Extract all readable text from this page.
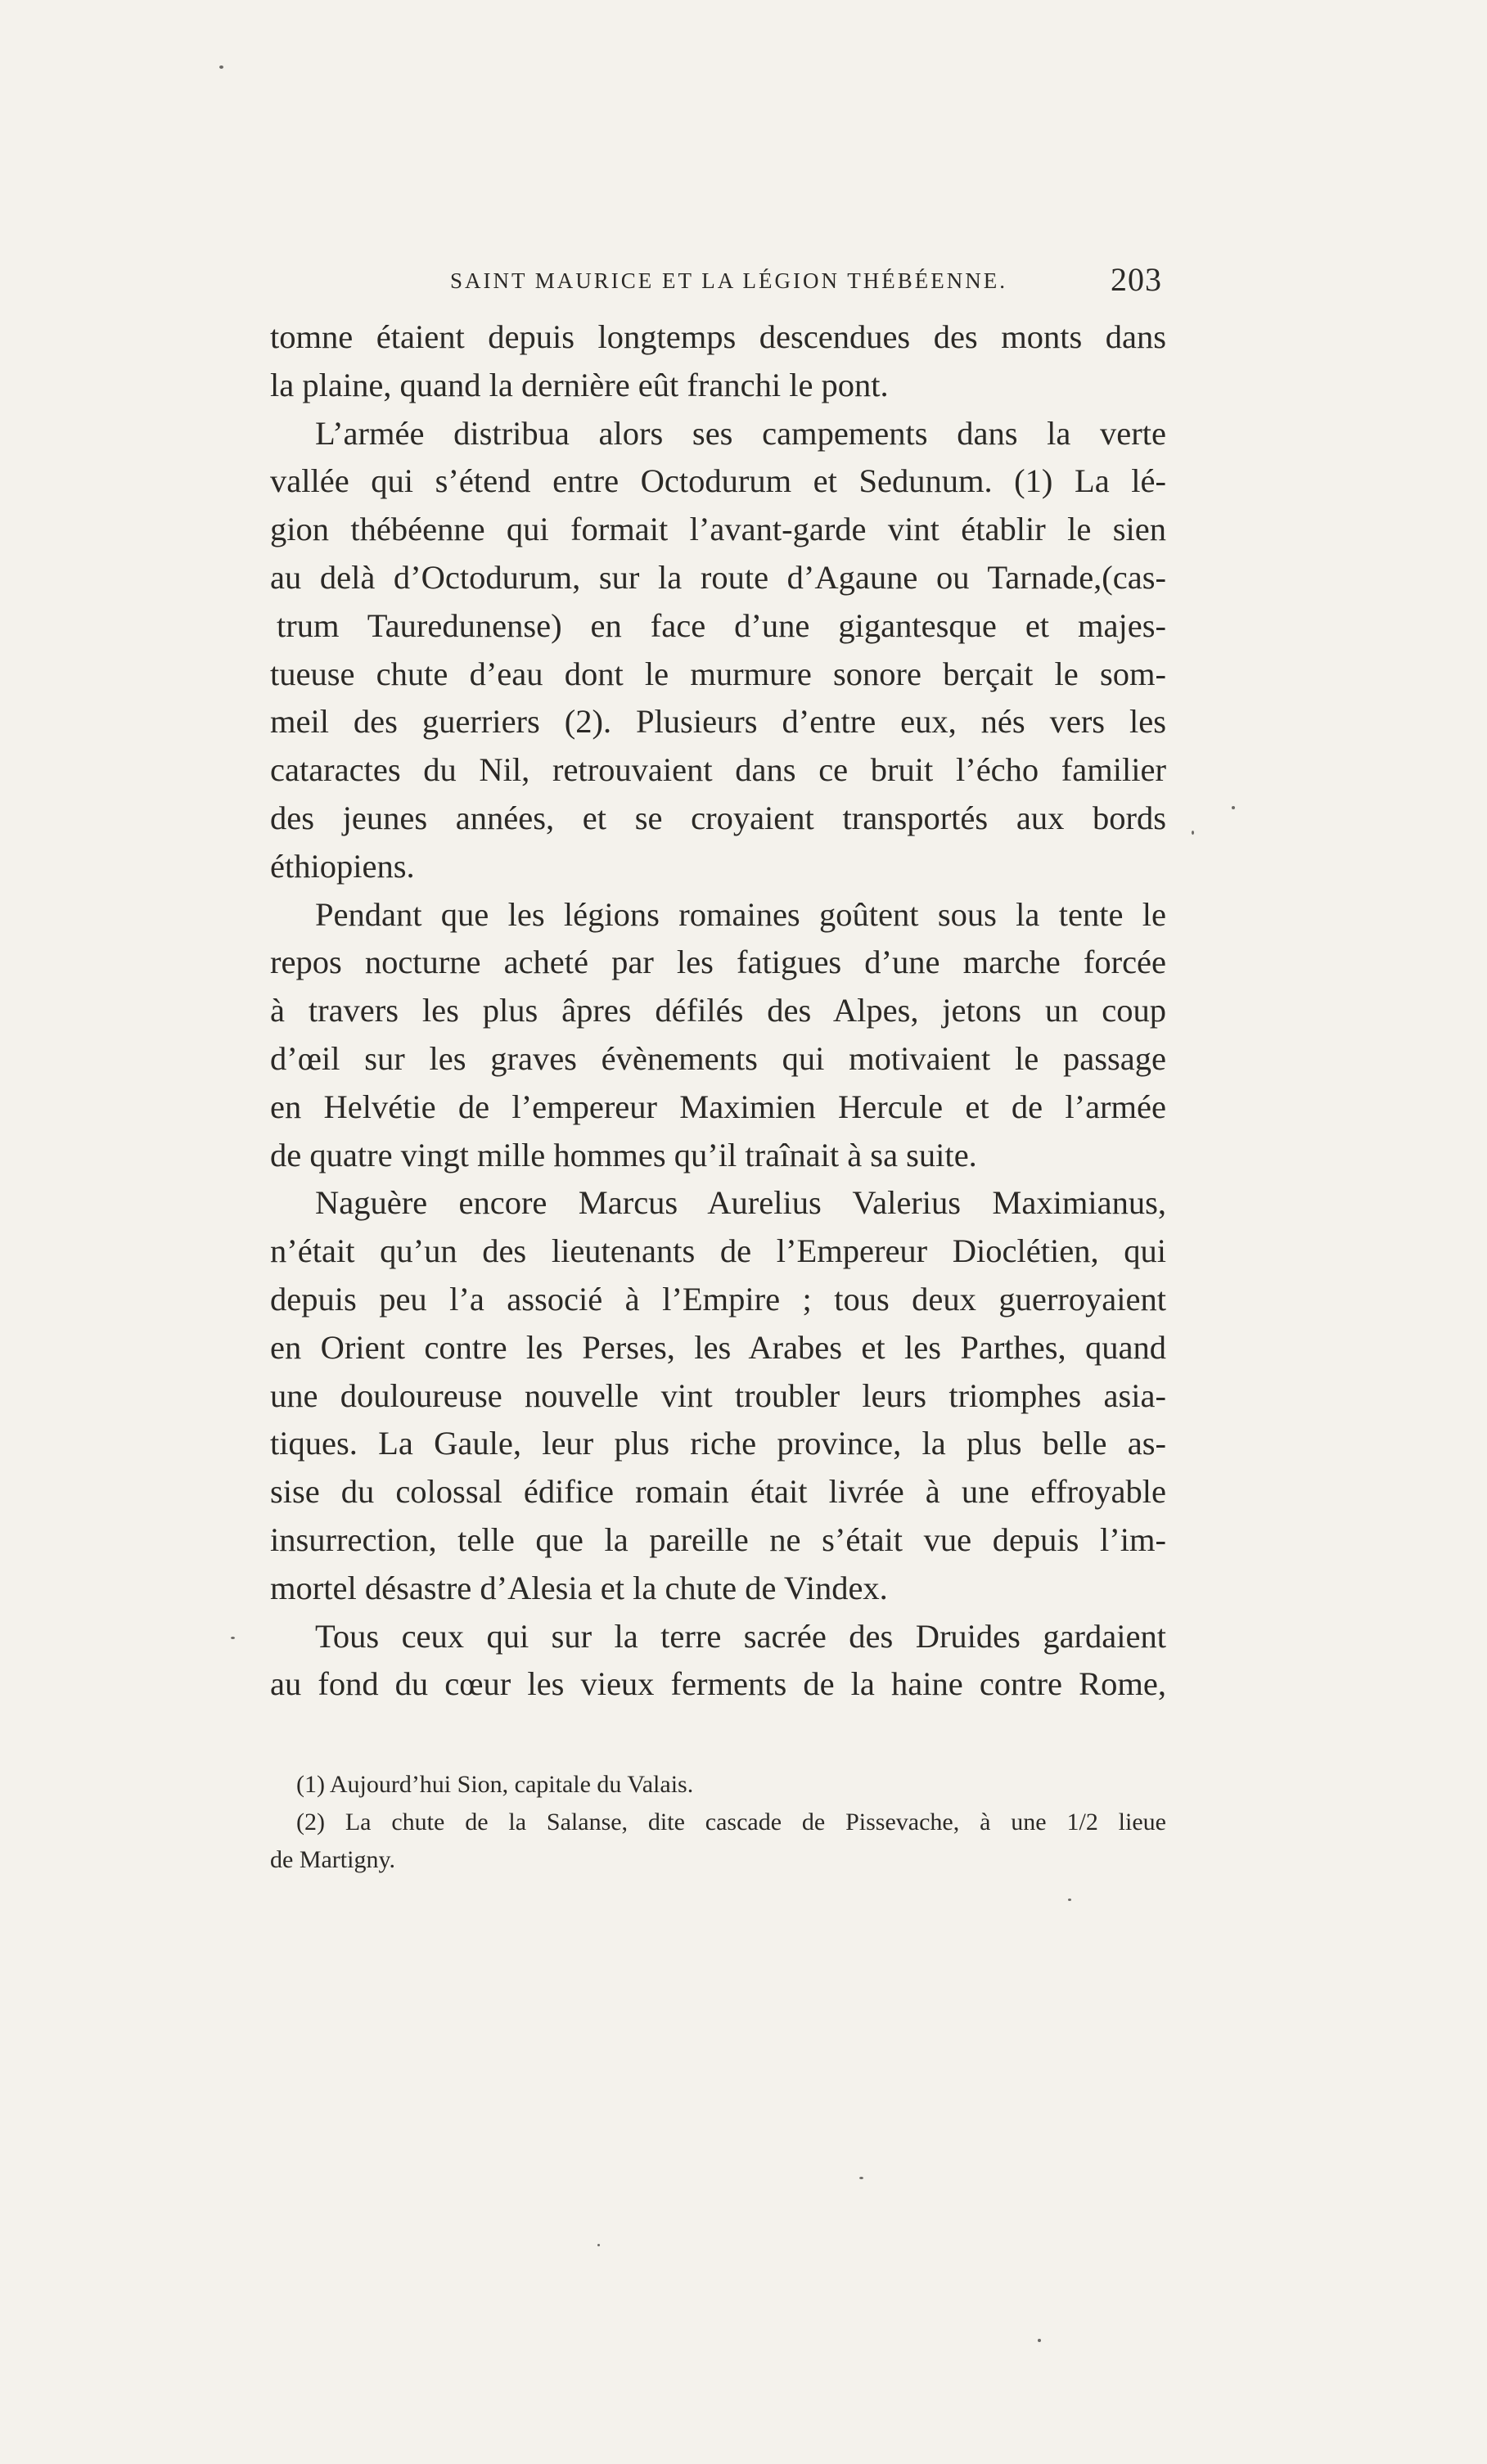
SAINT MAURICE ET LA LÉGION THÉBÉENNE.	203
tomne étaient depuis longtemps descendues des monts dans
la plaine, quand la dernière eût franchi le pont.
L’armée distribua alors ses campements dans la verte
vallée qui s’étend entre Octodurum et Sedunum. (1) La lé-
gion thébéenne qui formait l’avant-garde vint établir le sien
au delà d’Octodurum, sur la route d’Agaune ou Tarnade,(cas-
trum Tauredunense) en face d’une gigantesque et majes-
tueuse chute d’eau dont le murmure sonore berçait le som-
meil des guerriers (2). Plusieurs d’entre eux, nés vers les
cataractes du Nil, retrouvaient dans ce bruit l’écho familier
des jeunes années, et se croyaient transportés aux bords
éthiopiens.
Pendant que les légions romaines goûtent sous la tente le
repos nocturne acheté par les fatigues d’une marche forcée
à travers les plus âpres défilés des Alpes, jetons un coup
d’œil sur les graves évènements qui motivaient le passage
en Helvétie de l’empereur Maximien Hercule et de l’armée
de quatre vingt mille hommes qu’il traînait à sa suite.
Naguère encore Marcus Aurelius Valerius Maximianus,
n’était qu’un des lieutenants de l’Empereur Dioclétien, qui
depuis peu l’a associé à l’Empire ; tous deux guerroyaient
en Orient contre les Perses, les Arabes et les Parthes, quand
une douloureuse nouvelle vint troubler leurs triomphes asia-
tiques. La Gaule, leur plus riche province, la plus belle as-
sise du colossal édifice romain était livrée à une effroyable
insurrection, telle que la pareille ne s’était vue depuis l’im-
mortel désastre d’Alesia et la chute de Vindex.
Tous ceux qui sur la terre sacrée des Druides gardaient
au fond du cœur les vieux ferments de la haine contre Rome,
(1) Aujourd’hui Sion, capitale du Valais.
(2) La chute de la Salanse, dite cascade de Pissevache, à une 1/2 lieue
de Martigny.
